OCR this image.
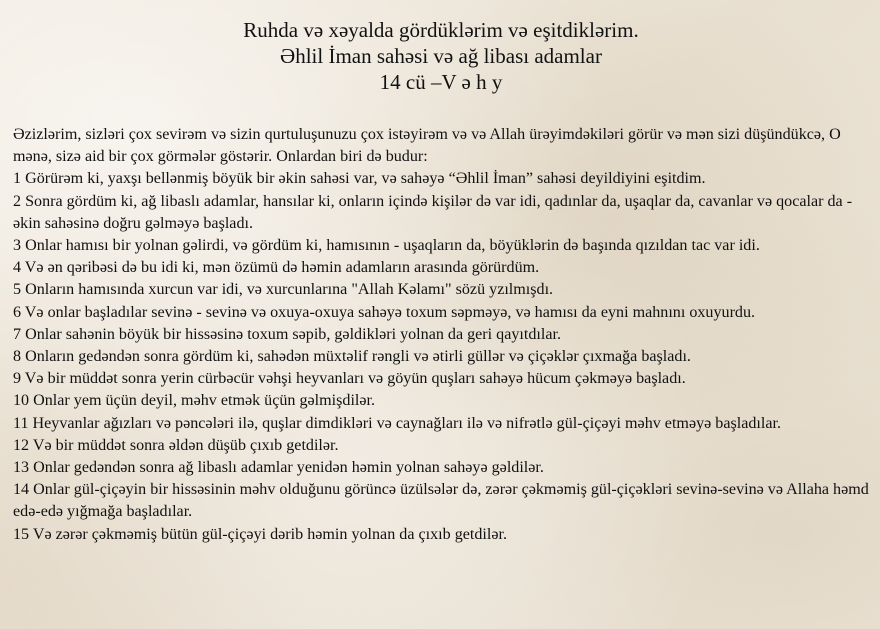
Ruhda və xəyalda gördüklərim və eşitdiklərim.
Əhlil İman sahəsi və ağ libası adamlar
14 cü –V ə h y

Əzizlərim, sizləri çox sevirəm və sizin qurtuluşunuzu çox istəyirəm və və Allah ürəyimdəkiləri görür və mən sizi düşündükcə, O mənə, sizə aid bir çox görmələr göstərir. Onlardan biri də budur:

1 Görürəm ki, yaxşı bellənmiş böyük bir əkin sahəsi var, və sahəyə “Əhlil İman” sahəsi deyildiyini eşitdim.

2 Sonra gördüm ki, ağ libaslı adamlar, hansılar ki, onların içində kişilər də var idi, qadınlar da, uşaqlar da, cavanlar və qocalar da - əkin sahəsinə doğru gəlməyə başladı.

3 Onlar hamısı bir yolnan gəlirdi, və gördüm ki, hamısının - uşaqların da, böyüklərin də başında qızıldan tac var idi.

4 Və ən qəribəsi də bu idi ki, mən özümü də həmin adamların arasında görürdüm.

5 Onların hamısında xurcun var idi, və xurcunlarına "Allah Kəlamı" sözü yzılmışdı.

6 Və onlar başladılar sevinə - sevinə və oxuya-oxuya sahəyə toxum səpməyə, və hamısı da eyni mahnını oxuyurdu.

7 Onlar sahənin böyük bir hissəsinə toxum səpib, gəldikləri yolnan da geri qayıtdılar.

8 Onların gedəndən sonra gördüm ki, sahədən müxtəlif rəngli və ətirli güllər və çiçəklər çıxmağa başladı.

9 Və bir müddət sonra yerin cürbəcür vəhşi heyvanları və göyün quşları sahəyə hücum çəkməyə başladı.

10 Onlar yem üçün deyil, məhv etmək üçün gəlmişdilər.

11 Heyvanlar ağızları və pəncələri ilə, quşlar dimdikləri və caynağları ilə və nifrətlə gül-çiçəyi məhv etməyə başladılar.

12 Və bir müddət sonra əldən düşüb çıxıb getdilər.

13 Onlar gedəndən sonra ağ libaslı adamlar yenidən həmin yolnan sahəyə gəldilər.

14 Onlar gül-çiçəyin bir hissəsinin məhv olduğunu görüncə üzülsələr də, zərər çəkməmiş gül-çiçəkləri sevinə-sevinə və Allaha həmd edə-edə yığmağa başladılar.

15 Və zərər çəkməmiş bütün gül-çiçəyi dərib həmin yolnan da çıxıb getdilər.
